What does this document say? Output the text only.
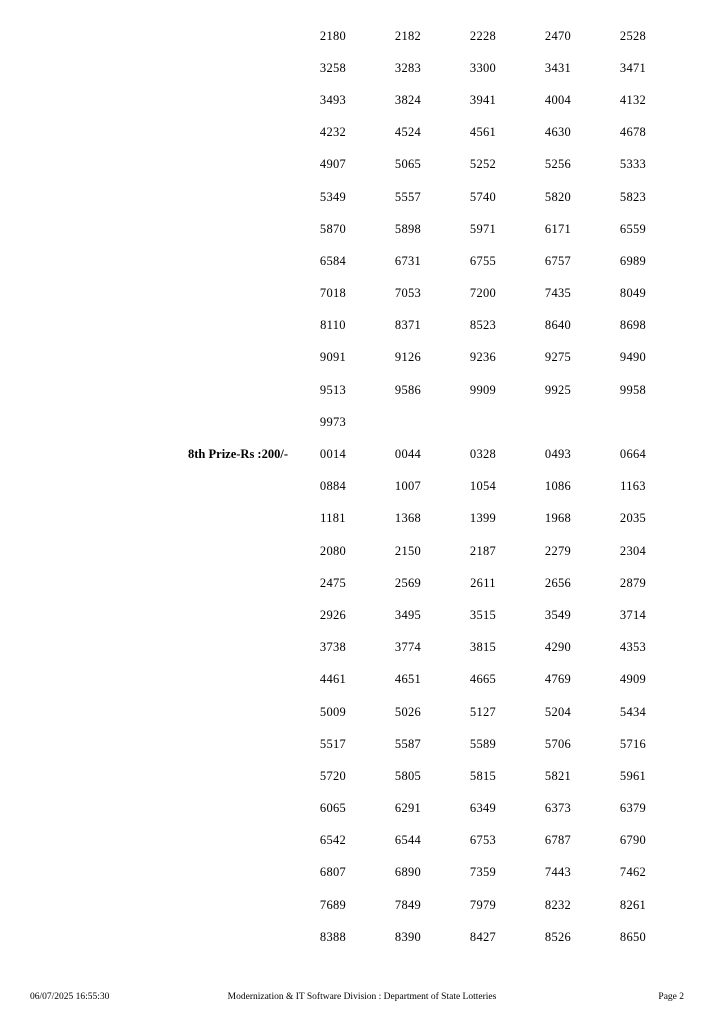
2180	2182	2228	2470	2528
3258	3283	3300	3431	3471
3493	3824	3941	4004	4132
4232	4524	4561	4630	4678
4907	5065	5252	5256	5333
5349	5557	5740	5820	5823
5870	5898	5971	6171	6559
6584	6731	6755	6757	6989
7018	7053	7200	7435	8049
8110	8371	8523	8640	8698
9091	9126	9236	9275	9490
9513	9586	9909	9925	9958
9973
8th Prize-Rs :200/-	0014	0044	0328	0493	0664
0884	1007	1054	1086	1163
1181	1368	1399	1968	2035
2080	2150	2187	2279	2304
2475	2569	2611	2656	2879
2926	3495	3515	3549	3714
3738	3774	3815	4290	4353
4461	4651	4665	4769	4909
5009	5026	5127	5204	5434
5517	5587	5589	5706	5716
5720	5805	5815	5821	5961
6065	6291	6349	6373	6379
6542	6544	6753	6787	6790
6807	6890	7359	7443	7462
7689	7849	7979	8232	8261
8388	8390	8427	8526	8650
06/07/2025 16:55:30	Modernization & IT Software Division : Department of State Lotteries	Page 2
